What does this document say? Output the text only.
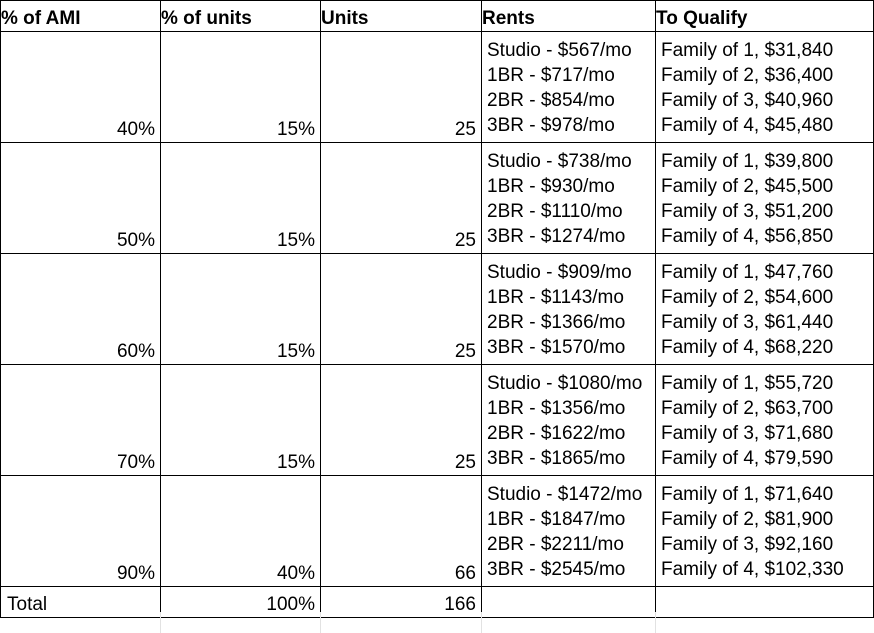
% of AMI	% of units	Units	Rents	To Qualify
40%	15%	25	Studio - $567/mo
1BR - $717/mo
2BR - $854/mo
3BR - $978/mo	Family of 1, $31,840
Family of 2, $36,400
Family of 3, $40,960
Family of 4, $45,480

50%	15%	25	Studio - $738/mo
1BR - $930/mo
2BR - $1110/mo
3BR - $1274/mo	Family of 1, $39,800
Family of 2, $45,500
Family of 3, $51,200
Family of 4, $56,850

60%	15%	25	Studio - $909/mo
1BR - $1143/mo
2BR - $1366/mo
3BR - $1570/mo	Family of 1, $47,760
Family of 2, $54,600
Family of 3, $61,440
Family of 4, $68,220

70%	15%	25	Studio - $1080/mo
1BR - $1356/mo
2BR - $1622/mo
3BR - $1865/mo	Family of 1, $55,720
Family of 2, $63,700
Family of 3, $71,680
Family of 4, $79,590

90%	40%	66	Studio - $1472/mo
1BR - $1847/mo
2BR - $2211/mo
3BR - $2545/mo	Family of 1, $71,640
Family of 2, $81,900
Family of 3, $92,160
Family of 4, $102,330

Total	100%	166		
